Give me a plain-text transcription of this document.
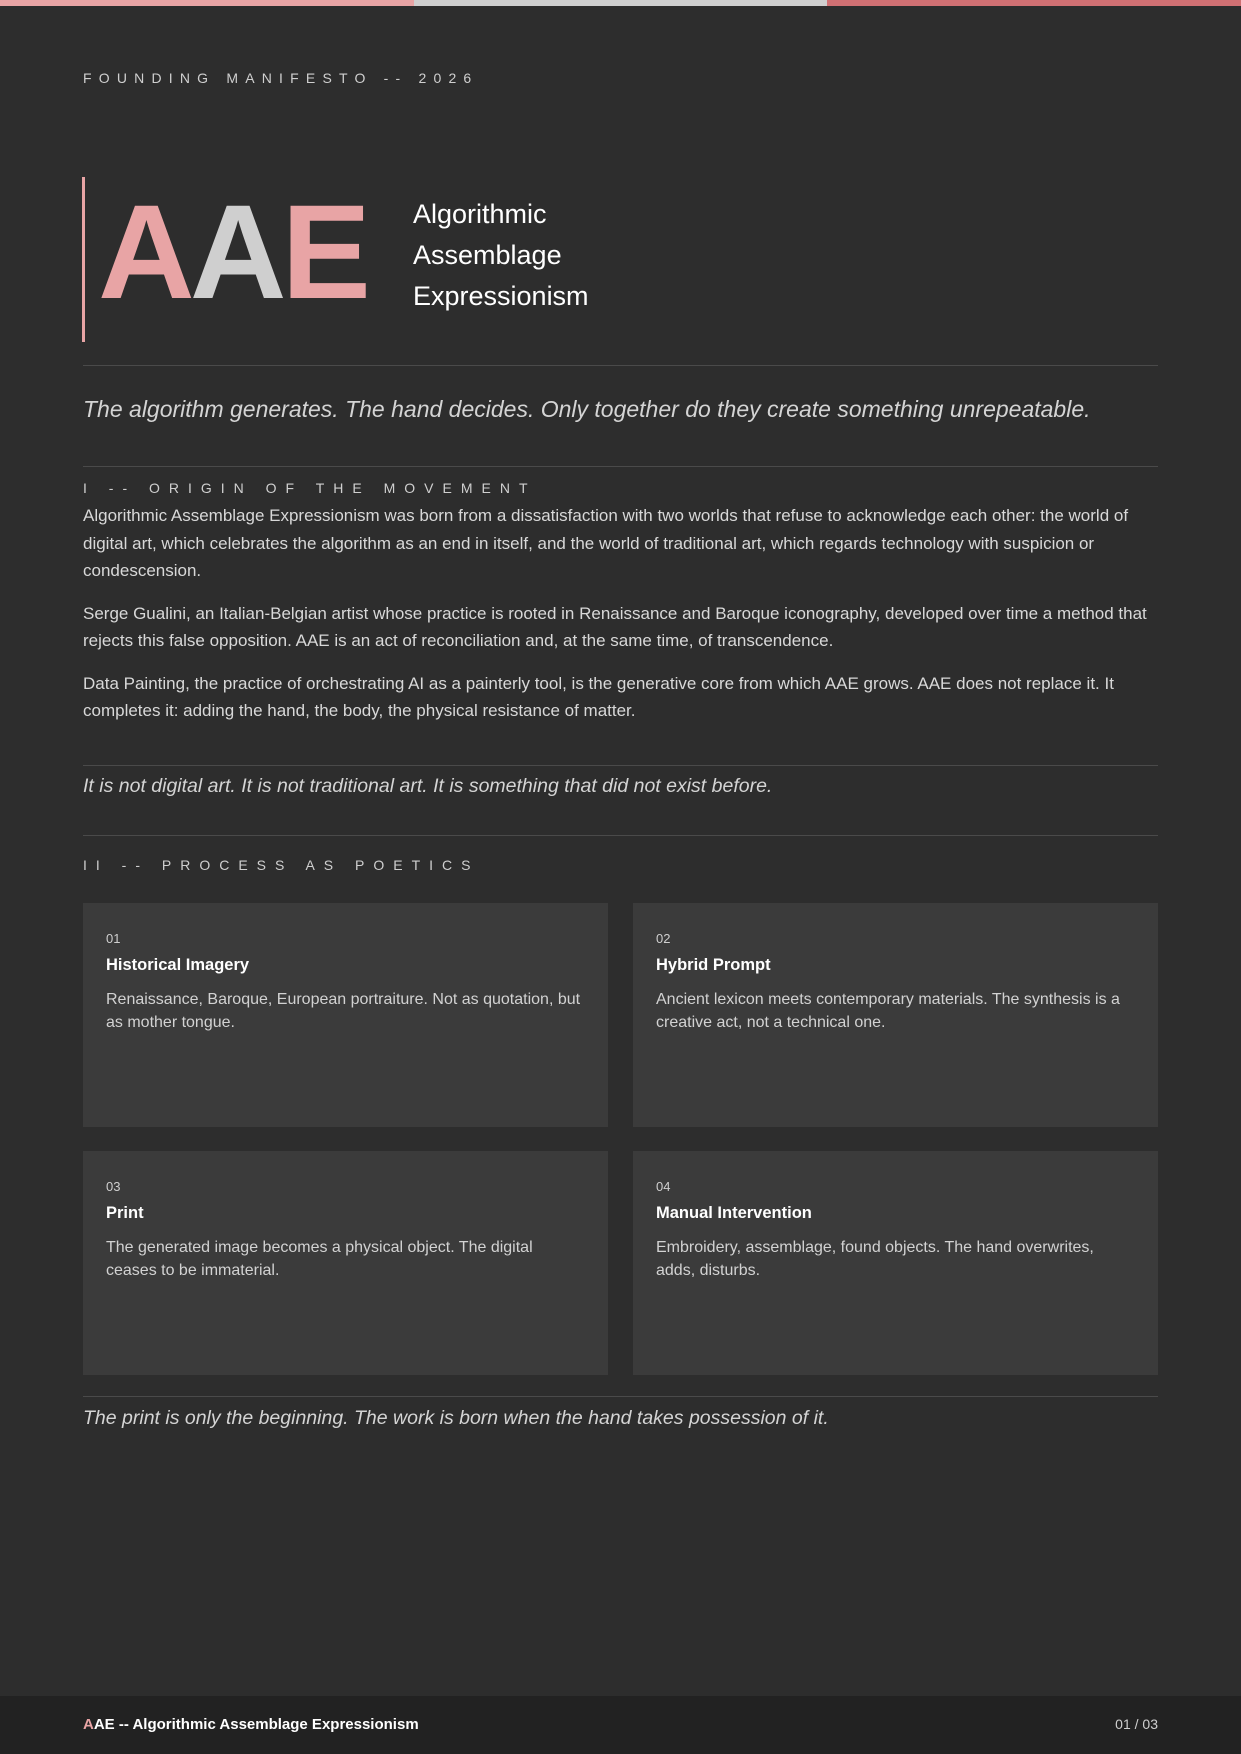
FOUNDING MANIFESTO -- 2026
AAE Algorithmic
Assemblage
Expressionism
The algorithm generates. The hand decides. Only together do they create something unrepeatable.
I -- ORIGIN OF THE MOVEMENT

Algorithmic Assemblage Expressionism was born from a dissatisfaction with two worlds that refuse to acknowledge each other: the world of digital art, which celebrates the algorithm as an end in itself, and the world of traditional art, which regards technology with suspicion or condescension.

Serge Gualini, an Italian-Belgian artist whose practice is rooted in Renaissance and Baroque iconography, developed over time a method that rejects this false opposition. AAE is an act of reconciliation and, at the same time, of transcendence.

Data Painting, the practice of orchestrating AI as a painterly tool, is the generative core from which AAE grows. AAE does not replace it. It completes it: adding the hand, the body, the physical resistance of matter.

It is not digital art. It is not traditional art. It is something that did not exist before.
II -- PROCESS AS POETICS
01
Historical Imagery
Renaissance, Baroque, European portraiture. Not as quotation, but as mother tongue.
02
Hybrid Prompt
Ancient lexicon meets contemporary materials. The synthesis is a creative act, not a technical one.
03
Print
The generated image becomes a physical object. The digital ceases to be immaterial.
04
Manual Intervention
Embroidery, assemblage, found objects. The hand overwrites, adds, disturbs.
The print is only the beginning. The work is born when the hand takes possession of it.
AAE -- Algorithmic Assemblage Expressionism	01 / 03
